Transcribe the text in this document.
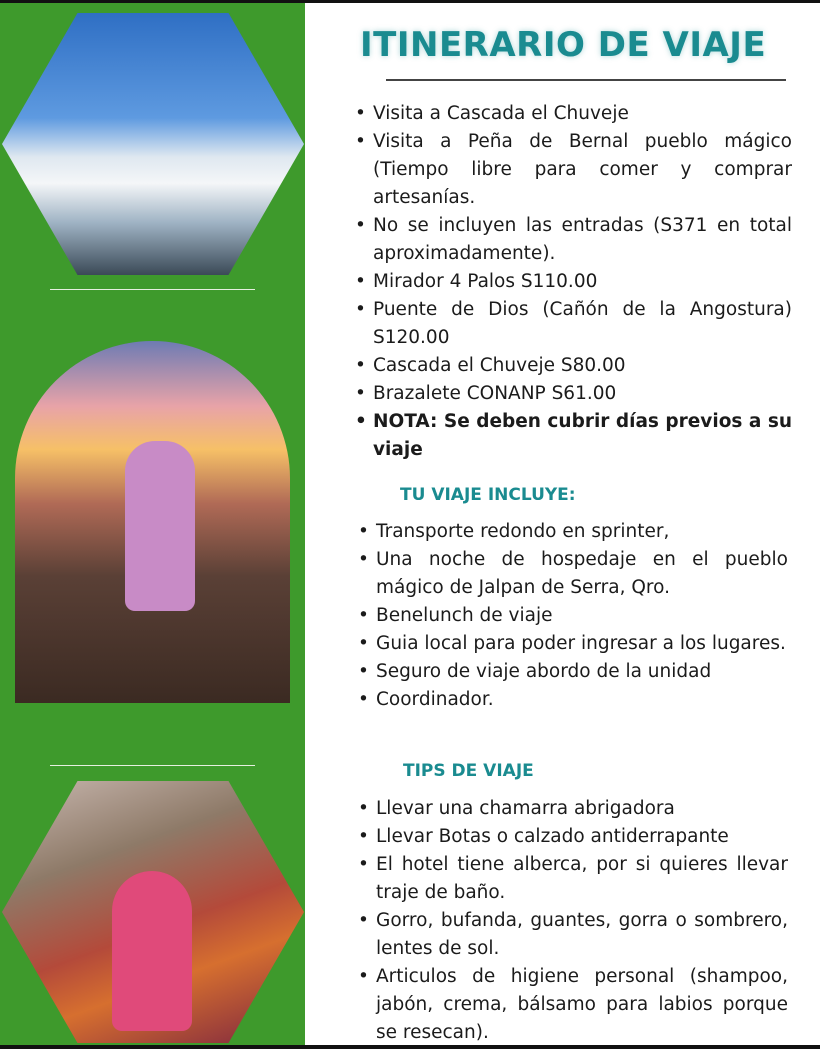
ITINERARIO DE VIAJE
• Visita a Cascada el Chuveje
• Visita a Peña de Bernal pueblo mágico (Tiempo libre para comer y comprar artesanías.
• No se incluyen las entradas (S371 en total aproximadamente).
• Mirador 4 Palos S110.00
• Puente de Dios (Cañón de la Angostura) S120.00
• Cascada el Chuveje S80.00
• Brazalete CONANP S61.00
• NOTA: Se deben cubrir días previos a su viaje
TU VIAJE INCLUYE:
• Transporte redondo en sprinter,
• Una noche de hospedaje en el pueblo mágico de Jalpan de Serra, Qro.
• Benelunch de viaje
• Guia local para poder ingresar a los lugares.
• Seguro de viaje abordo de la unidad
• Coordinador.
TIPS DE VIAJE
• Llevar una chamarra abrigadora
• Llevar Botas o calzado antiderrapante
• El hotel tiene alberca, por si quieres llevar traje de baño.
• Gorro, bufanda, guantes, gorra o sombrero, lentes de sol.
• Articulos de higiene personal (shampoo, jabón, crema, bálsamo para labios porque se resecan).
